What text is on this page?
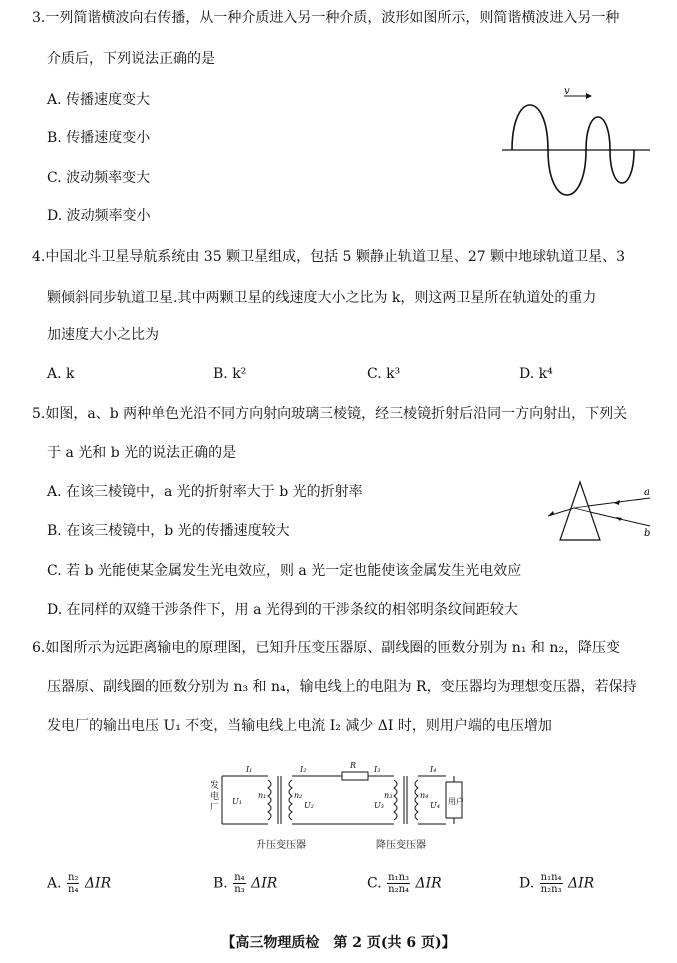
3.一列简谐横波向右传播，从一种介质进入另一种介质，波形如图所示，则简谐横波进入另一种
介质后，下列说法正确的是
A. 传播速度变大
B. 传播速度变小
C. 波动频率变大
D. 波动频率变小
v
4.中国北斗卫星导航系统由 35 颗卫星组成，包括 5 颗静止轨道卫星、27 颗中地球轨道卫星、3
颗倾斜同步轨道卫星.其中两颗卫星的线速度大小之比为 k，则这两卫星所在轨道处的重力
加速度大小之比为
A. k	B. k²	C. k³	D. k⁴
5.如图，a、b 两种单色光沿不同方向射向玻璃三棱镜，经三棱镜折射后沿同一方向射出，下列关
于 a 光和 b 光的说法正确的是
A. 在该三棱镜中，a 光的折射率大于 b 光的折射率
B. 在该三棱镜中，b 光的传播速度较大
C. 若 b 光能使某金属发生光电效应，则 a 光一定也能使该金属发生光电效应
D. 在同样的双缝干涉条件下，用 a 光得到的干涉条纹的相邻明条纹间距较大
a
b
6.如图所示为远距离输电的原理图，已知升压变压器原、副线圈的匝数分别为 n₁ 和 n₂，降压变
压器原、副线圈的匝数分别为 n₃ 和 n₄，输电线上的电阻为 R，变压器均为理想变压器，若保持
发电厂的输出电压 U₁ 不变，当输电线上电流 I₂ 减少 ΔI 时，则用户端的电压增加
发
电
厂
U₁
I₁
n₁	n₂
U₂
R
I₂	I₃
U₃
n₃	n₄
U₄
I₄
用户
升压变压器	降压变压器
A. $\frac{\text{n₂}}{\text{n₄}}$ ΔIR	B. $\frac{\text{n₄}}{\text{n₃}}$ ΔIR	C. $\frac{\text{n₁n₃}}{\text{n₂n₄}}$ ΔIR	D. $\frac{\text{n₁n₄}}{\text{n₂n₃}}$ ΔIR
【高三物理质检　第 2 页(共 6 页)】
